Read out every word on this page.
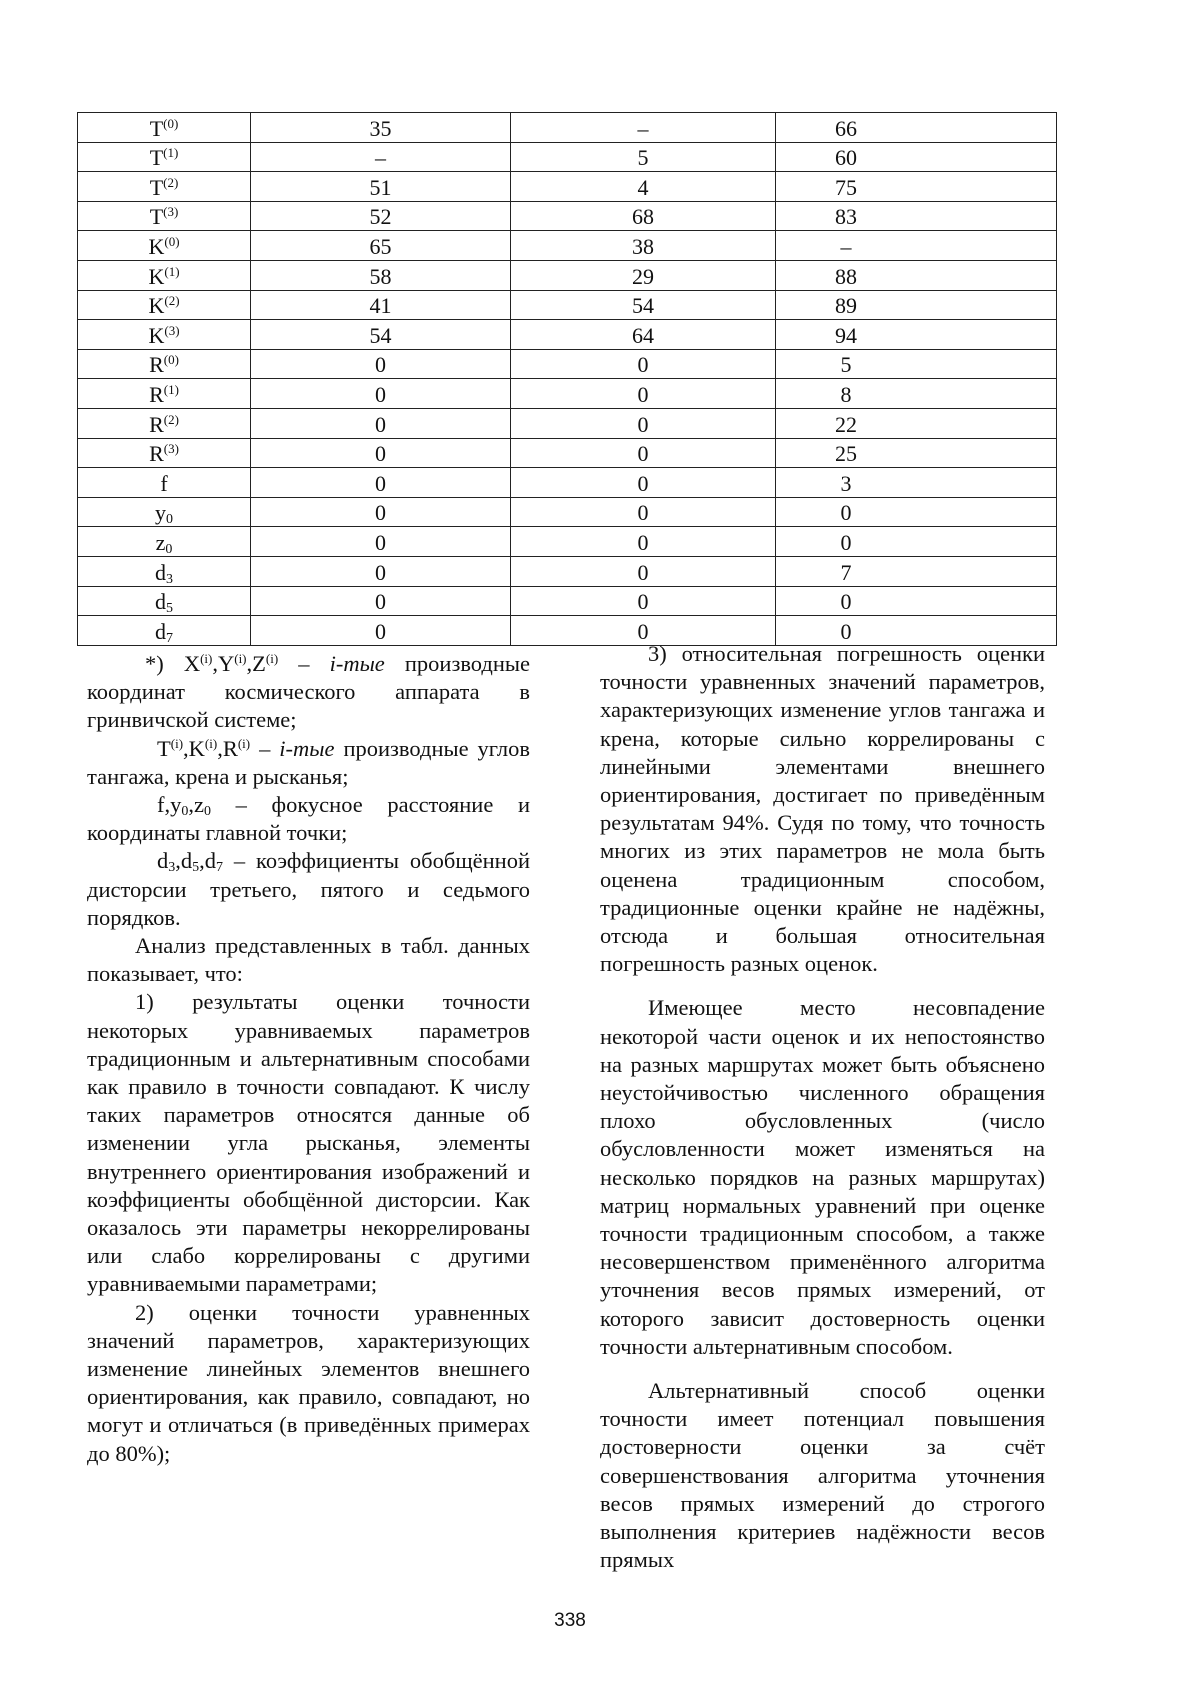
$T^{(0)}$	35	–	66
$T^{(1)}$	–	5	60
$T^{(2)}$	51	4	75
$T^{(3)}$	52	68	83
$K^{(0)}$	65	38	–
$K^{(1)}$	58	29	88
$K^{(2)}$	41	54	89
$K^{(3)}$	54	64	94
$R^{(0)}$	0	0	5
$R^{(1)}$	0	0	8
$R^{(2)}$	0	0	22
$R^{(3)}$	0	0	25
f	0	0	3
$y_0$	0	0	0
$z_0$	0	0	0
$d_3$	0	0	7
$d_5$	0	0	0
$d_7$	0	0	0

*) $X^{(i)},Y^{(i)},Z^{(i)} - i-тые$ производные координат космического аппарата в гринвичской системе;

$T^{(i)},K^{(i)},R^{(i)} - i-тые$ производные углов тангажа, крена и рысканья;

$f,y_0,z_0$ – фокусное расстояние и координаты главной точки;

$d_3,d_5,d_7$ – коэффициенты обобщённой дисторсии третьего, пятого и седьмого порядков.

Анализ представленных в табл. данных показывает, что:

1) результаты оценки точности некоторых уравниваемых параметров традиционным и альтернативным способами как правило в точности совпадают. К числу таких параметров относятся данные об изменении угла рысканья, элементы внутреннего ориентирования изображений и коэффициенты обобщённой дисторсии. Как оказалось эти параметры некоррелированы или слабо коррелированы с другими уравниваемыми параметрами;

2) оценки точности уравненных значений параметров, характеризующих изменение линейных элементов внешнего ориентирования, как правило, совпадают, но могут и отличаться (в приведённых примерах до 80%);

3) относительная погрешность оценки точности уравненных значений параметров, характеризующих изменение углов тангажа и крена, которые сильно коррелированы с линейными элементами внешнего ориентирования, достигает по приведённым результатам 94%. Судя по тому, что точность многих из этих параметров не мола быть оценена традиционным способом, традиционные оценки крайне не надёжны, отсюда и большая относительная погрешность разных оценок.

Имеющее место несовпадение некоторой части оценок и их непостоянство на разных маршрутах может быть объяснено неустойчивостью численного обращения плохо обусловленных (число обусловленности может изменяться на несколько порядков на разных маршрутах) матриц нормальных уравнений при оценке точности традиционным способом, а также несовершенством применённого алгоритма уточнения весов прямых измерений, от которого зависит достоверность оценки точности альтернативным способом.

Альтернативный способ оценки точности имеет потенциал повышения достоверности оценки за счёт совершенствования алгоритма уточнения весов прямых измерений до строгого выполнения критериев надёжности весов прямых

338
